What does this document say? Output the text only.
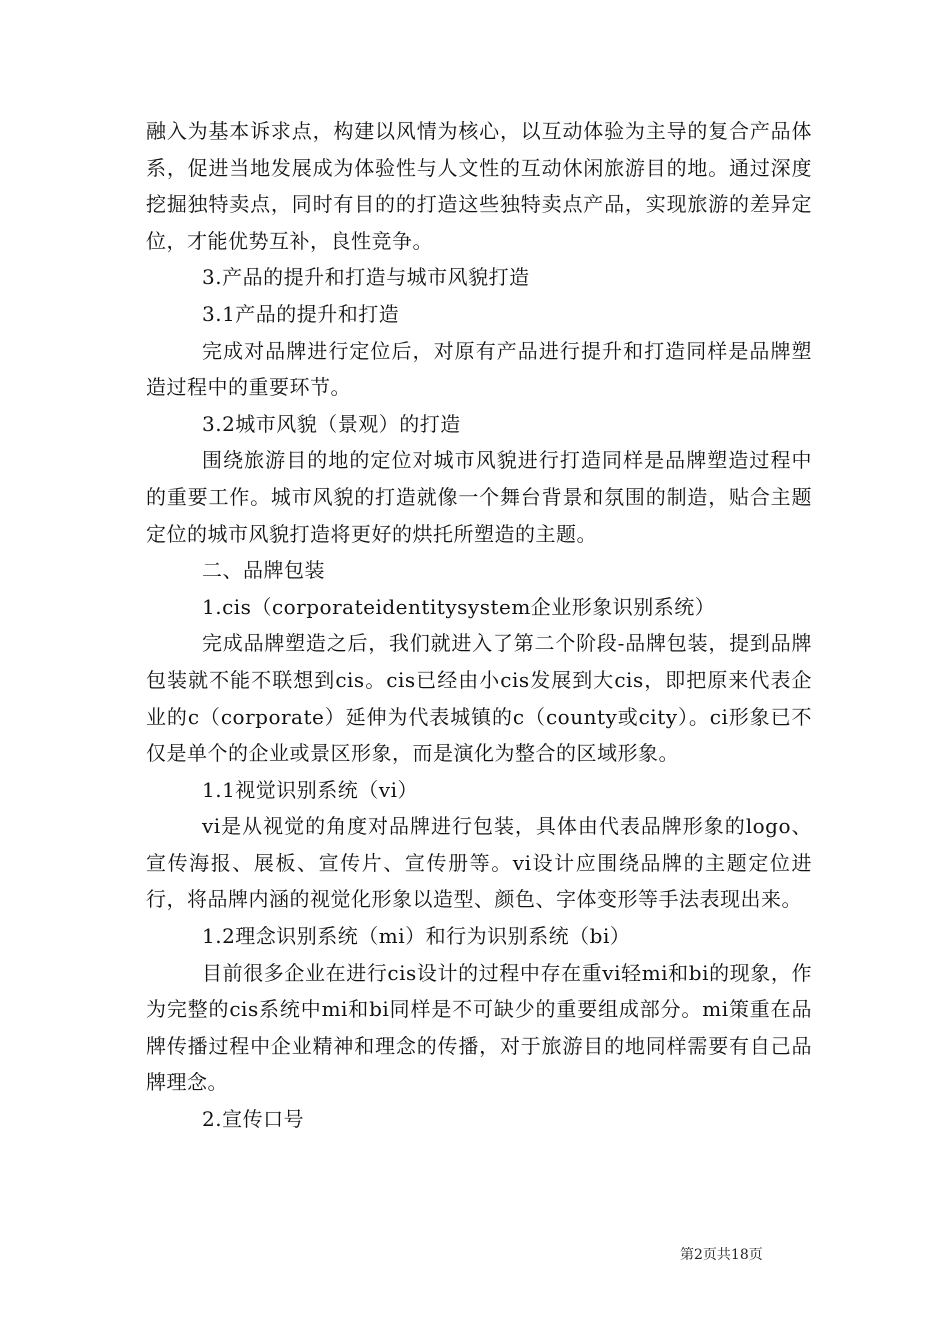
融入为基本诉求点，构建以风情为核心，以互动体验为主导的复合产品体系，促进当地发展成为体验性与人文性的互动休闲旅游目的地。通过深度挖掘独特卖点，同时有目的的打造这些独特卖点产品，实现旅游的差异定位，才能优势互补，良性竞争。

3.产品的提升和打造与城市风貌打造

3.1产品的提升和打造

完成对品牌进行定位后，对原有产品进行提升和打造同样是品牌塑造过程中的重要环节。

3.2城市风貌（景观）的打造

围绕旅游目的地的定位对城市风貌进行打造同样是品牌塑造过程中的重要工作。城市风貌的打造就像一个舞台背景和氛围的制造，贴合主题定位的城市风貌打造将更好的烘托所塑造的主题。

二、品牌包装

1.cis（corporateidentitysystem企业形象识别系统）

完成品牌塑造之后，我们就进入了第二个阶段-品牌包装，提到品牌包装就不能不联想到cis。cis已经由小cis发展到大cis，即把原来代表企业的c（corporate）延伸为代表城镇的c（county或city）。ci形象已不仅是单个的企业或景区形象，而是演化为整合的区域形象。

1.1视觉识别系统（vi）

vi是从视觉的角度对品牌进行包装，具体由代表品牌形象的logo、宣传海报、展板、宣传片、宣传册等。vi设计应围绕品牌的主题定位进行，将品牌内涵的视觉化形象以造型、颜色、字体变形等手法表现出来。

1.2理念识别系统（mi）和行为识别系统（bi）

目前很多企业在进行cis设计的过程中存在重vi轻mi和bi的现象，作为完整的cis系统中mi和bi同样是不可缺少的重要组成部分。mi策重在品牌传播过程中企业精神和理念的传播，对于旅游目的地同样需要有自己品牌理念。

2.宣传口号

第2页共18页
